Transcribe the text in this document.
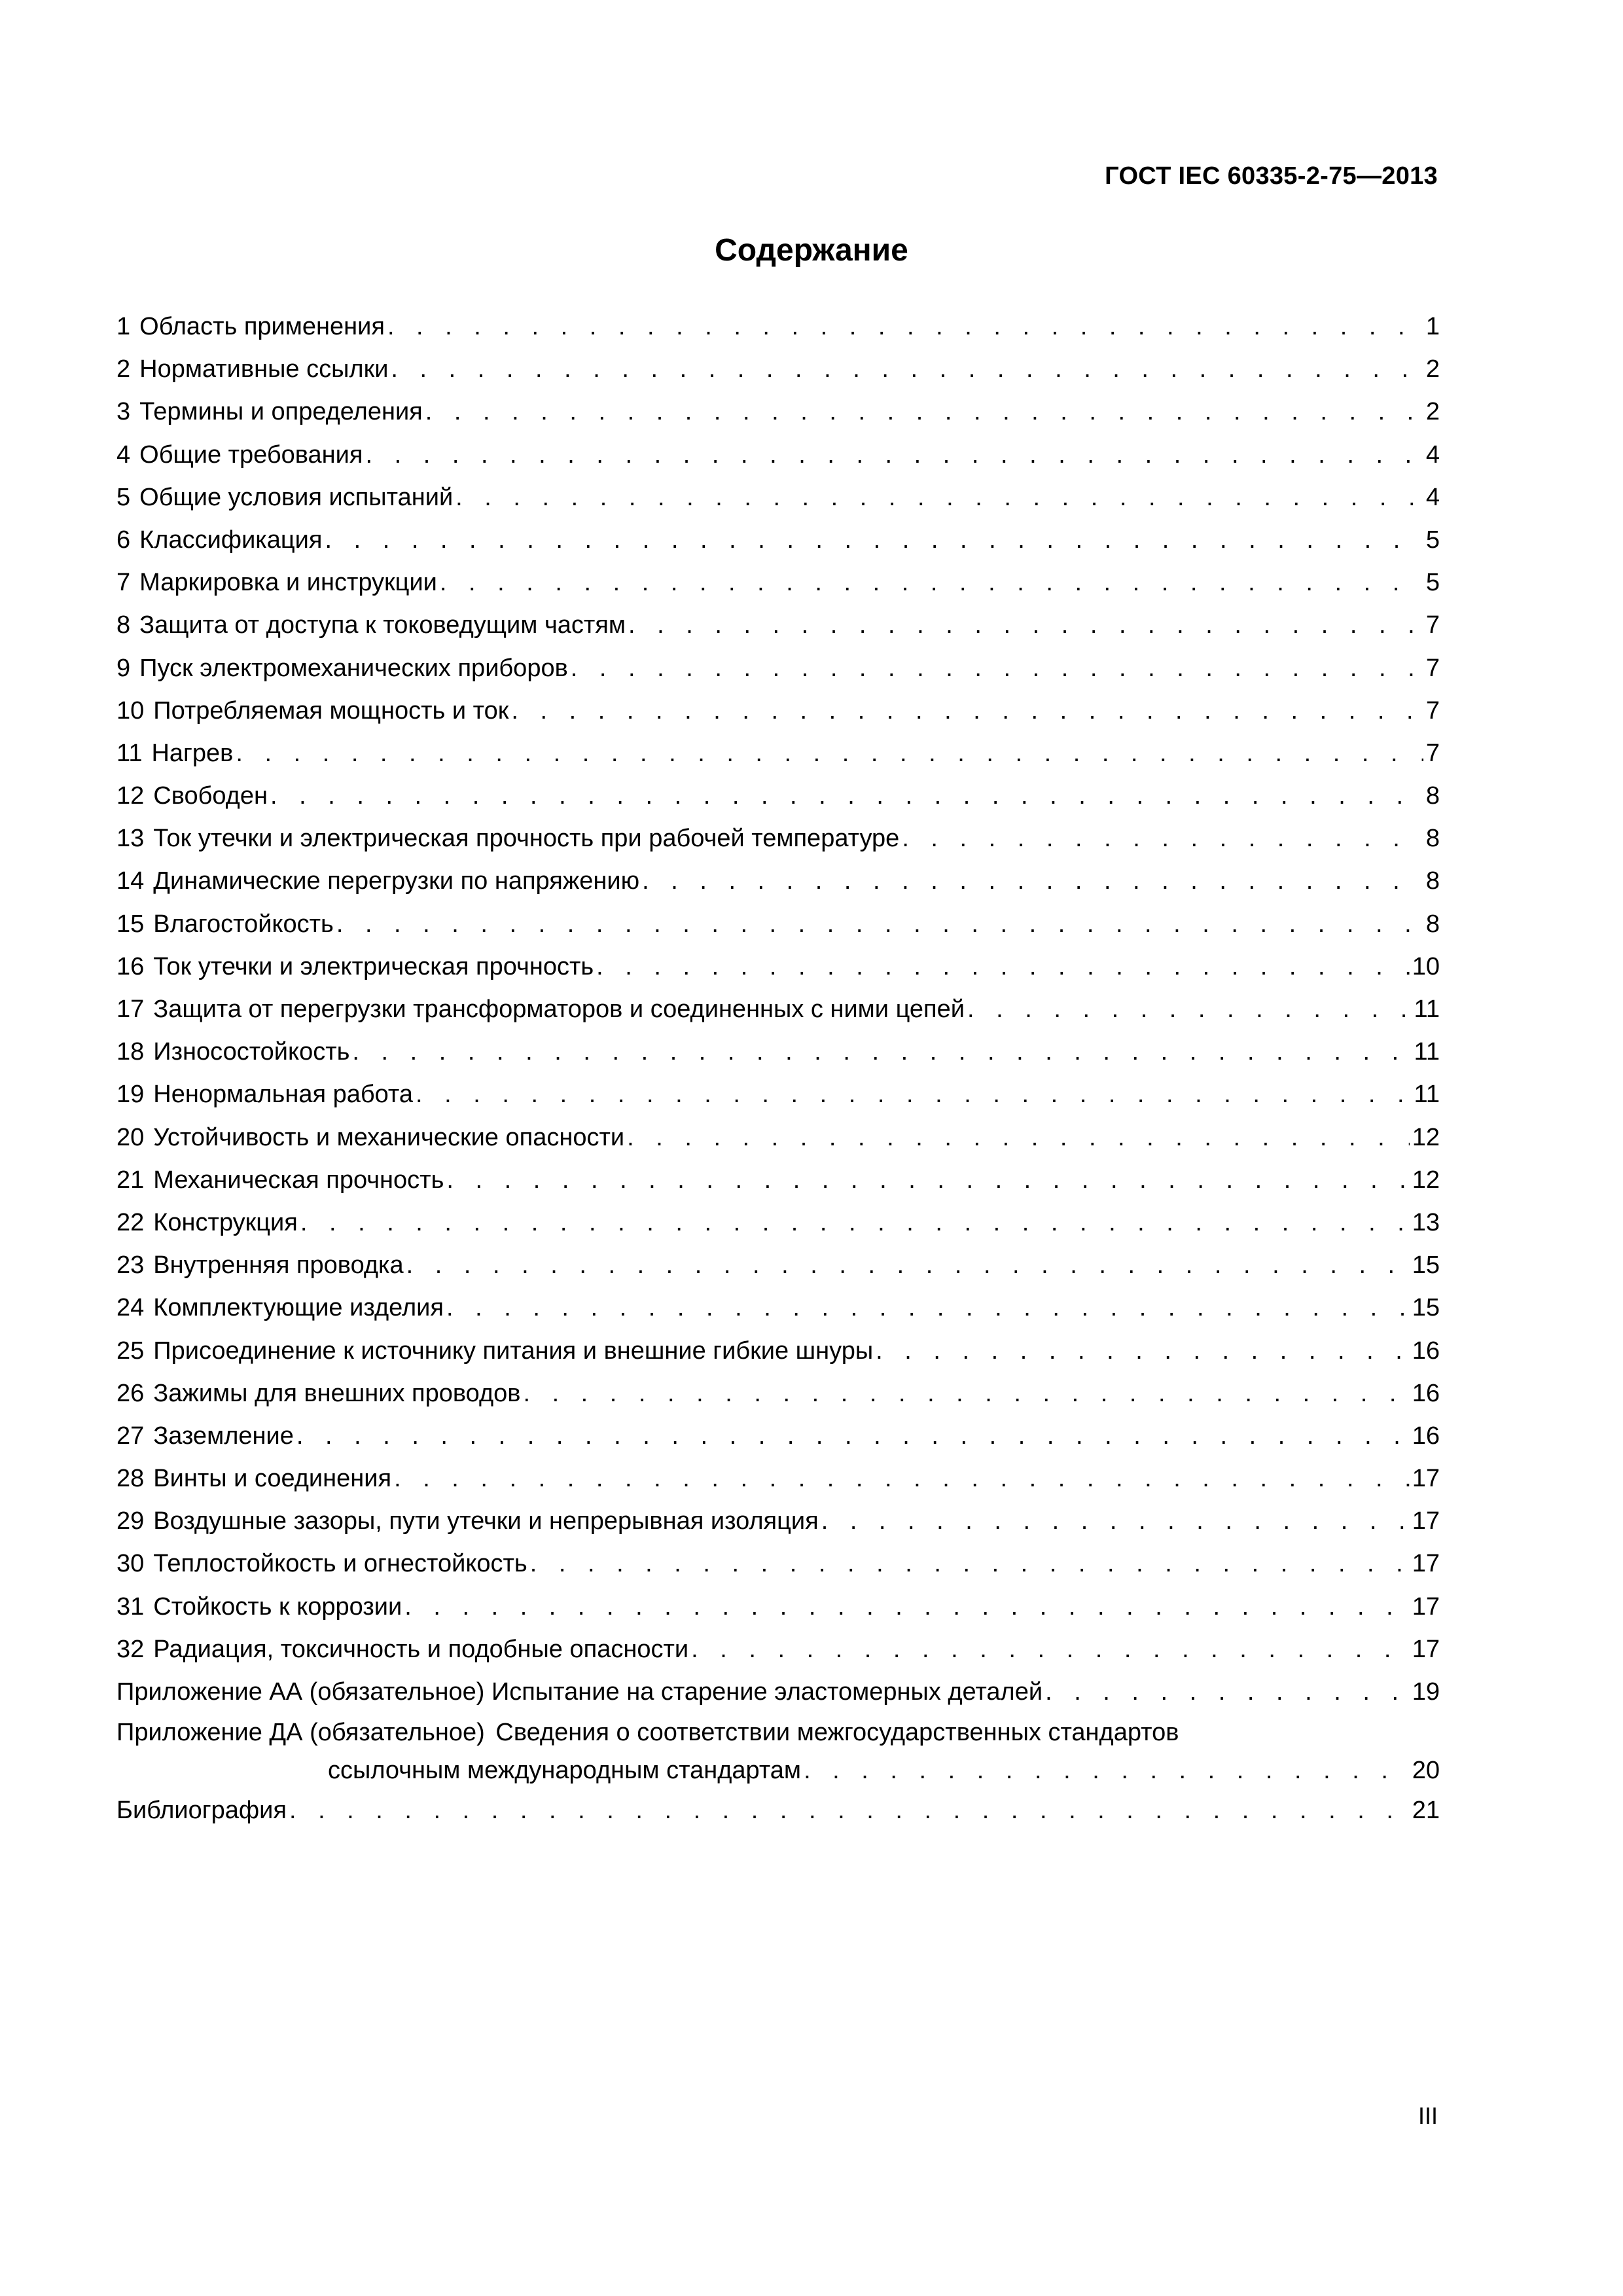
ГОСТ IEC 60335-2-75—2013
Содержание
1 Область применения . . .	1
2 Нормативные ссылки . . .	2
3 Термины и определения . . .	2
4 Общие требования . . .	4
5 Общие условия испытаний . . .	4
6 Классификация . . .	5
7 Маркировка и инструкции . . .	5
8 Защита от доступа к токоведущим частям . . .	7
9 Пуск электромеханических приборов . . .	7
10 Потребляемая мощность и ток . . .	7
11 Нагрев . . .	7
12 Свободен . . .	8
13 Ток утечки и электрическая прочность при рабочей температуре . . .	8
14 Динамические перегрузки по напряжению . . .	8
15 Влагостойкость . . .	8
16 Ток утечки и электрическая прочность . . .	10
17 Защита от перегрузки трансформаторов и соединенных с ними цепей . . .	11
18 Износостойкость . . .	11
19 Ненормальная работа . . .	11
20 Устойчивость и механические опасности . . .	12
21 Механическая прочность . . .	12
22 Конструкция . . .	13
23 Внутренняя проводка . . .	15
24 Комплектующие изделия . . .	15
25 Присоединение к источнику питания и внешние гибкие шнуры . . .	16
26 Зажимы для внешних проводов . . .	16
27 Заземление . . .	16
28 Винты и соединения . . .	17
29 Воздушные зазоры, пути утечки и непрерывная изоляция . . .	17
30 Теплостойкость и огнестойкость . . .	17
31 Стойкость к коррозии . . .	17
32 Радиация, токсичность и подобные опасности . . .	17
Приложение АА (обязательное) Испытание на старение эластомерных деталей . . .	19
Приложение ДА (обязательное) Сведения о соответствии межгосударственных стандартов
ссылочным международным стандартам . . .	20
Библиография . . .	21
III
